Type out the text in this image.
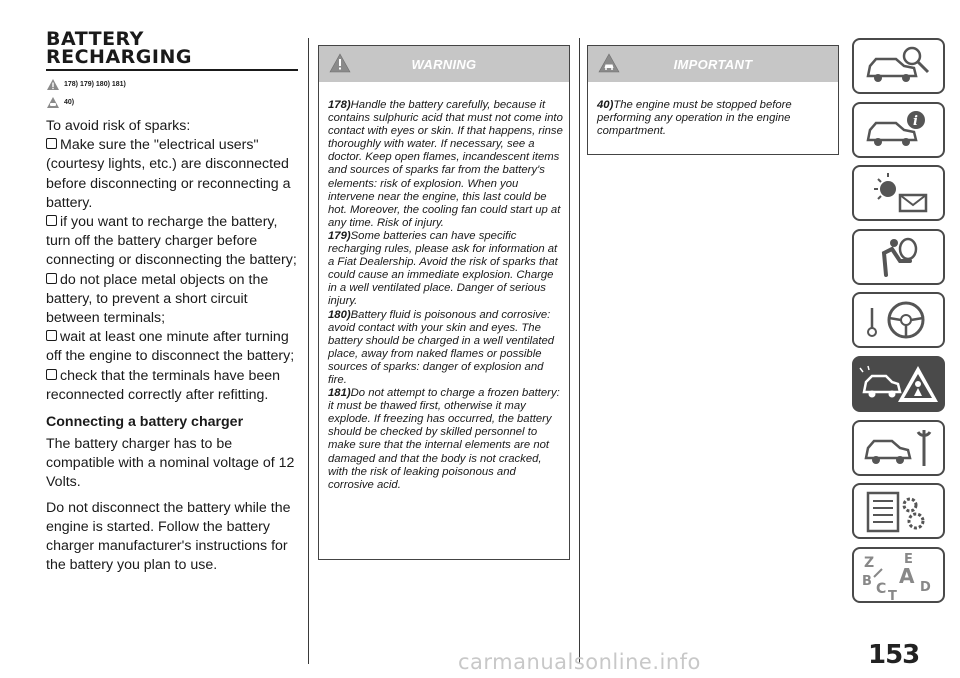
BATTERY
RECHARGING
178) 179) 180) 181)
40)

To avoid risk of sparks:

Make sure the "electrical users" (courtesy lights, etc.) are disconnected before disconnecting or reconnecting a battery.

if you want to recharge the battery, turn off the battery charger before connecting or disconnecting the battery;

do not place metal objects on the battery, to prevent a short circuit between terminals;

wait at least one minute after turning off the engine to disconnect the battery;

check that the terminals have been reconnected correctly after refitting.

Connecting a battery charger

The battery charger has to be compatible with a nominal voltage of 12 Volts.

Do not disconnect the battery while the engine is started. Follow the battery charger manufacturer's instructions for the battery you plan to use.

WARNING

178)Handle the battery carefully, because it contains sulphuric acid that must not come into contact with eyes or skin. If that happens, rinse thoroughly with water. If necessary, see a doctor. Keep open flames, incandescent items and sources of sparks far from the battery's elements: risk of explosion. When you intervene near the engine, this last could be hot. Moreover, the cooling fan could start up at any time. Risk of injury.

179)Some batteries can have specific recharging rules, please ask for information at a Fiat Dealership. Avoid the risk of sparks that could cause an immediate explosion. Charge in a well ventilated place. Danger of serious injury.

180)Battery fluid is poisonous and corrosive: avoid contact with your skin and eyes. The battery should be charged in a well ventilated place, away from naked flames or possible sources of sparks: danger of explosion and fire.

181)Do not attempt to charge a frozen battery: it must be thawed first, otherwise it may explode. If freezing has occurred, the battery should be checked by skilled personnel to make sure that the internal elements are not damaged and that the body is not cracked, with the risk of leaking poisonous and corrosive acid.

IMPORTANT

40)The engine must be stopped before performing any operation in the engine compartment.

i
Z E
B A
C	D
T
153
carmanualsonline.info
